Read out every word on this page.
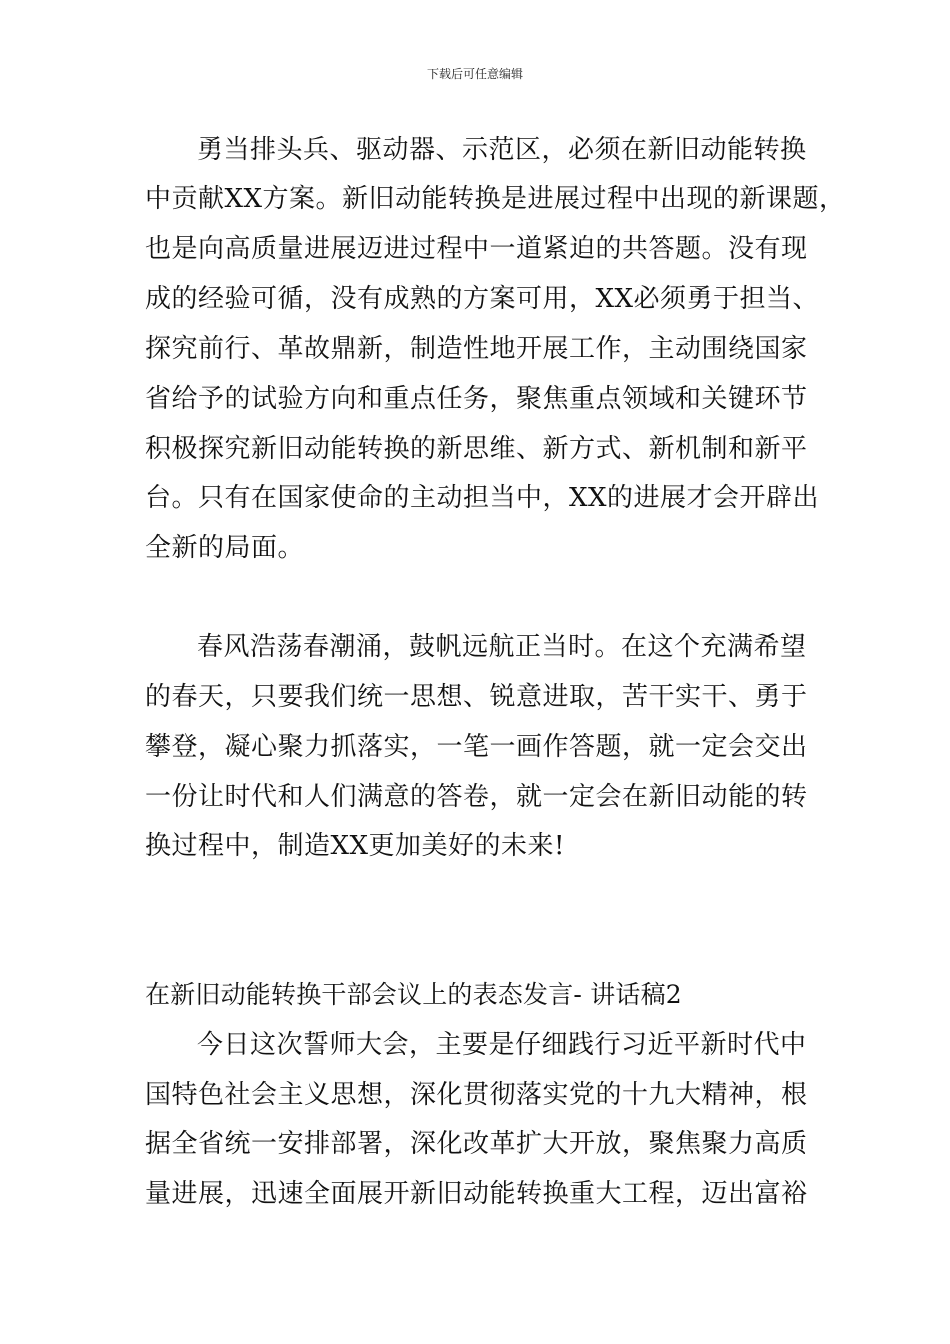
下载后可任意编辑

勇当排头兵、驱动器、示范区，必须在新旧动能转换

中贡献XX方案。新旧动能转换是进展过程中出现的新课题，

也是向高质量进展迈进过程中一道紧迫的共答题。没有现

成的经验可循，没有成熟的方案可用，XX必须勇于担当、

探究前行、革故鼎新，制造性地开展工作，主动围绕国家

省给予的试验方向和重点任务，聚焦重点领域和关键环节

积极探究新旧动能转换的新思维、新方式、新机制和新平

台。只有在国家使命的主动担当中，XX的进展才会开辟出

全新的局面。

春风浩荡春潮涌，鼓帆远航正当时。在这个充满希望

的春天，只要我们统一思想、锐意进取，苦干实干、勇于

攀登，凝心聚力抓落实，一笔一画作答题，就一定会交出

一份让时代和人们满意的答卷，就一定会在新旧动能的转

换过程中，制造XX更加美好的未来!

在新旧动能转换干部会议上的表态发言- 讲话稿2

今日这次誓师大会，主要是仔细践行习近平新时代中

国特色社会主义思想，深化贯彻落实党的十九大精神，根

据全省统一安排部署，深化改革扩大开放，聚焦聚力高质

量进展，迅速全面展开新旧动能转换重大工程，迈出富裕
